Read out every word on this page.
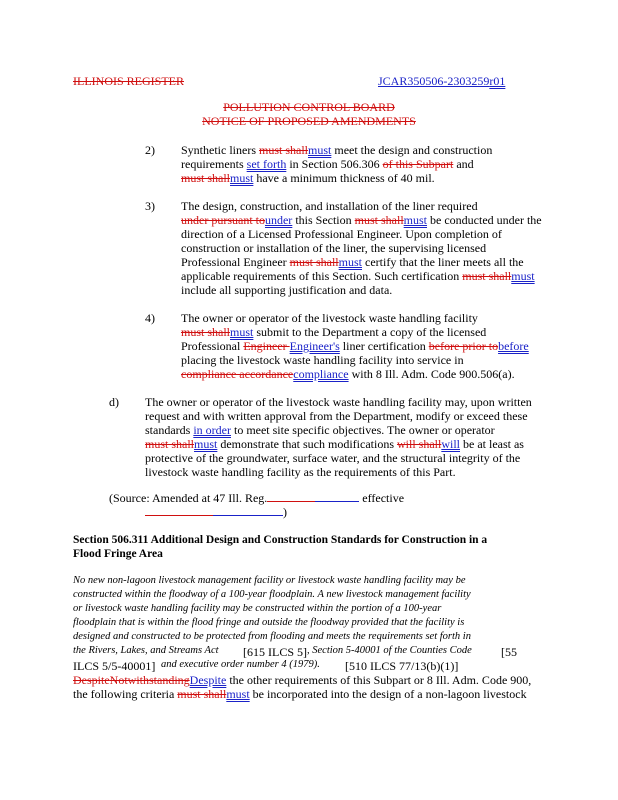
ILLINOIS REGISTER	JCAR350506-2303259r01
POLLUTION CONTROL BOARD
NOTICE OF PROPOSED AMENDMENTS
2) Synthetic liners must shallmust meet the design and construction
requirements set forth in Section 506.306 of this Subpart and
must shallmust have a minimum thickness of 40 mil.
3) The design, construction, and installation of the liner required
under pursuant tounder this Section must shallmust be conducted under the
direction of a Licensed Professional Engineer. Upon completion of
construction or installation of the liner, the supervising licensed
Professional Engineer must shallmust certify that the liner meets all the
applicable requirements of this Section. Such certification must shallmust
include all supporting justification and data.
4) The owner or operator of the livestock waste handling facility
must shallmust submit to the Department a copy of the licensed
Professional Engineer Engineer's liner certification before prior tobefore
placing the livestock waste handling facility into service in
compliance accordancecompliance with 8 Ill. Adm. Code 900.506(a).
d) The owner or operator of the livestock waste handling facility may, upon written
request and with written approval from the Department, modify or exceed these
standards in order to meet site specific objectives. The owner or operator
must shallmust demonstrate that such modifications will shallwill be at least as
protective of the groundwater, surface water, and the structural integrity of the
livestock waste handling facility as the requirements of this Part.
(Source: Amended at 47 Ill. Reg.	effective
)
Section 506.311 Additional Design and Construction Standards for Construction in a
Flood Fringe Area
No new non-lagoon livestock management facility or livestock waste handling facility may be
constructed within the floodway of a 100-year floodplain. A new livestock management facility
or livestock waste handling facility may be constructed within the portion of a 100-year
floodplain that is within the flood fringe and outside the floodway provided that the facility is
designed and constructed to be protected from flooding and meets the requirements set forth in
the Rivers, Lakes, and Streams Act [615 ILCS 5] , Section 5-40001 of the Counties Code [55
ILCS 5/5-40001] and executive order number 4 (1979). [510 ILCS 77/13(b)(1)]
DespiteNotwithstandingDespite the other requirements of this Subpart or 8 Ill. Adm. Code 900,
the following criteria must shallmust be incorporated into the design of a non-lagoon livestock
